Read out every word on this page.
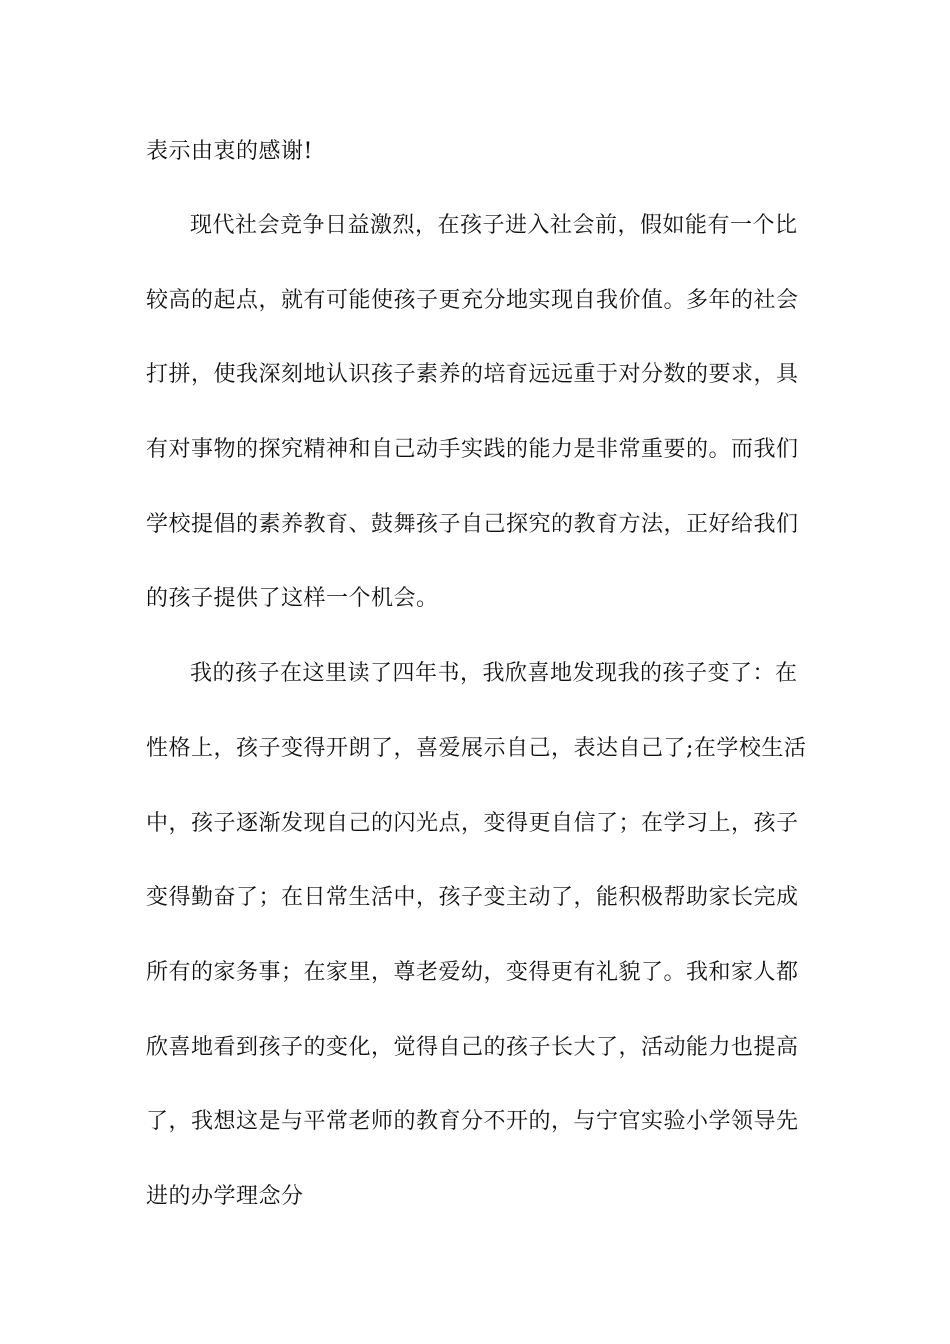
表示由衷的感谢!
现代社会竞争日益激烈，在孩子进入社会前，假如能有一个比
较高的起点，就有可能使孩子更充分地实现自我价值。多年的社会
打拼，使我深刻地认识孩子素养的培育远远重于对分数的要求，具
有对事物的探究精神和自己动手实践的能力是非常重要的。而我们
学校提倡的素养教育、鼓舞孩子自己探究的教育方法，正好给我们
的孩子提供了这样一个机会。
我的孩子在这里读了四年书，我欣喜地发现我的孩子变了：在
性格上，孩子变得开朗了，喜爱展示自己，表达自己了;在学校生活
中，孩子逐渐发现自己的闪光点，变得更自信了；在学习上，孩子
变得勤奋了；在日常生活中，孩子变主动了，能积极帮助家长完成
所有的家务事；在家里，尊老爱幼，变得更有礼貌了。我和家人都
欣喜地看到孩子的变化，觉得自己的孩子长大了，活动能力也提高
了，我想这是与平常老师的教育分不开的，与宁官实验小学领导先
进的办学理念分
